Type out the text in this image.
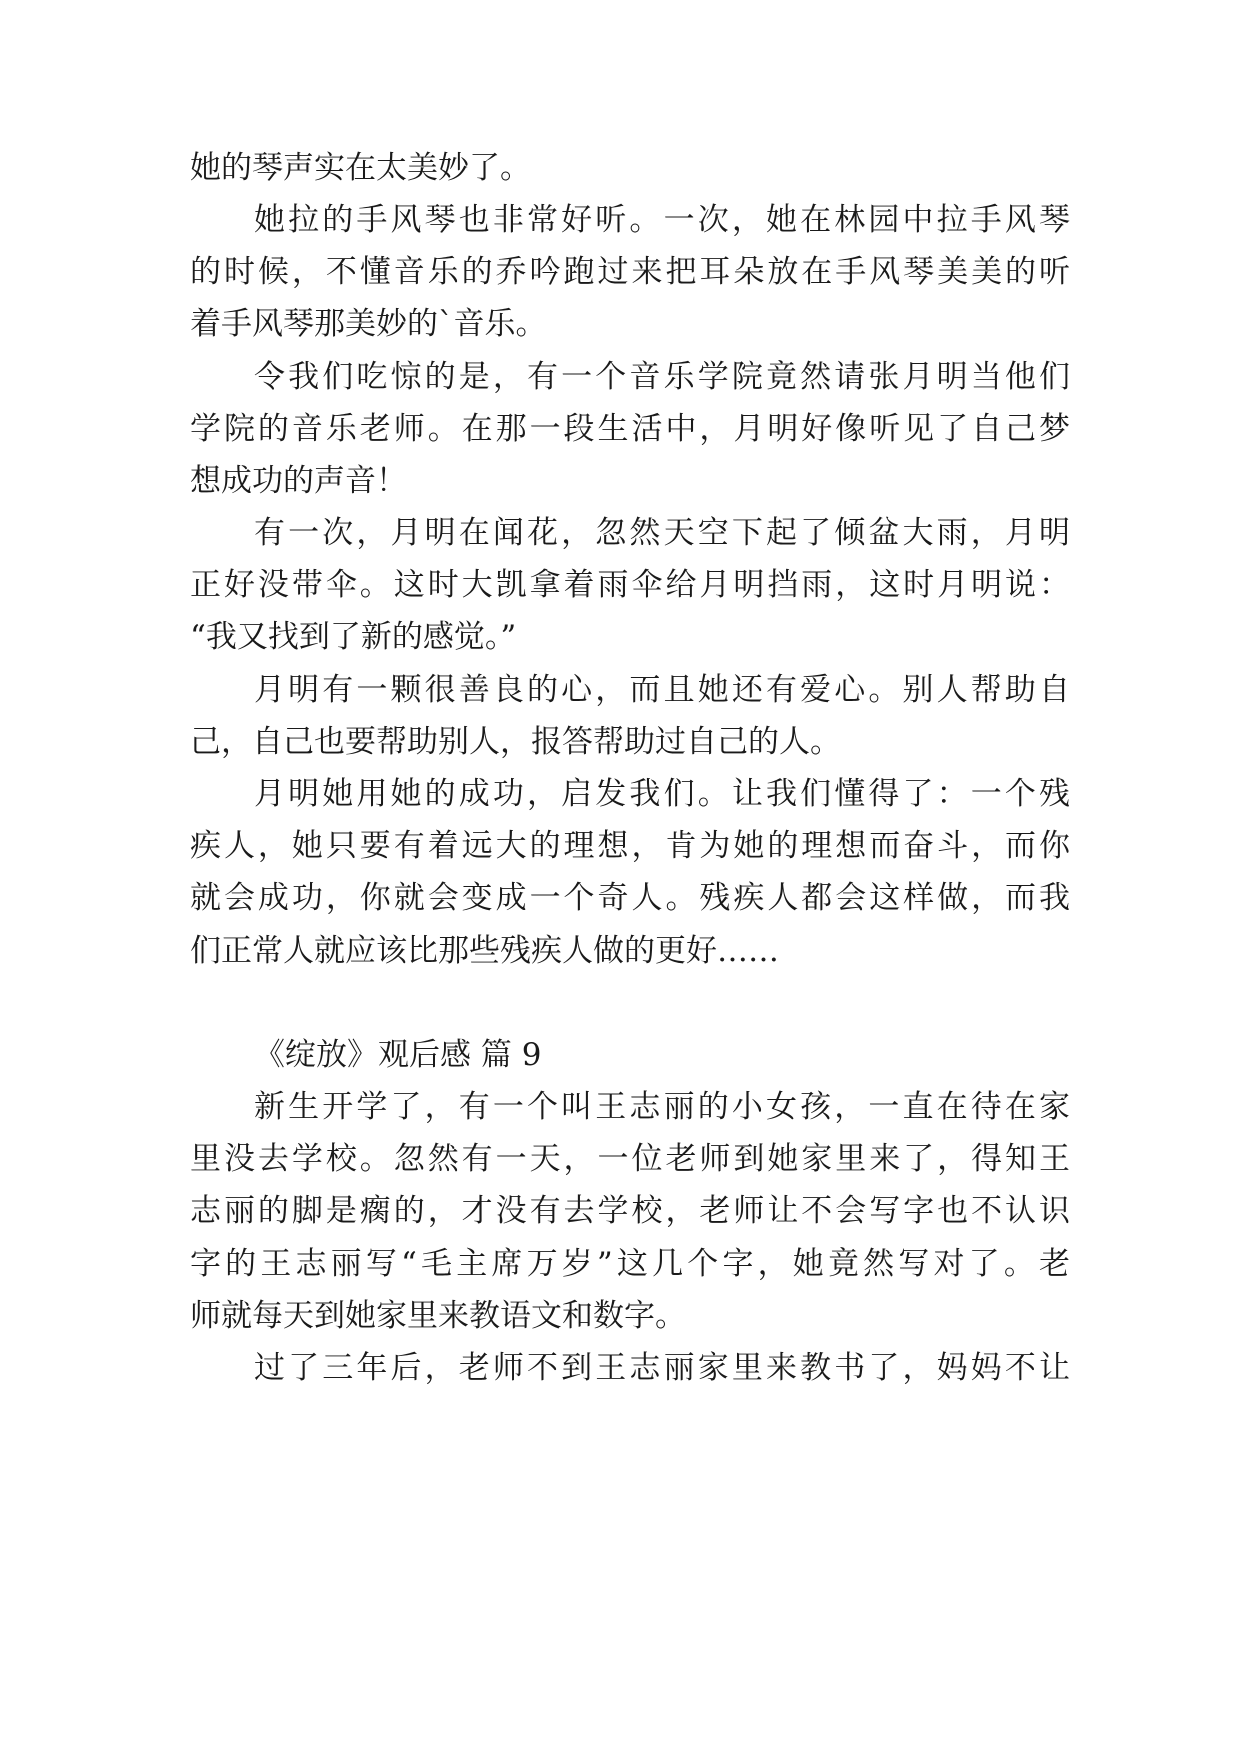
她的琴声实在太美妙了。
她拉的手风琴也非常好听。一次，她在林园中拉手风琴
的时候，不懂音乐的乔吟跑过来把耳朵放在手风琴美美的听
着手风琴那美妙的`音乐。
令我们吃惊的是，有一个音乐学院竟然请张月明当他们
学院的音乐老师。在那一段生活中，月明好像听见了自己梦
想成功的声音！
有一次，月明在闻花，忽然天空下起了倾盆大雨，月明
正好没带伞。这时大凯拿着雨伞给月明挡雨，这时月明说：
“我又找到了新的感觉。”
月明有一颗很善良的心，而且她还有爱心。别人帮助自
己，自己也要帮助别人，报答帮助过自己的人。
月明她用她的成功，启发我们。让我们懂得了：一个残
疾人，她只要有着远大的理想，肯为她的理想而奋斗，而你
就会成功，你就会变成一个奇人。残疾人都会这样做，而我
们正常人就应该比那些残疾人做的更好……
《绽放》观后感 篇 9
新生开学了，有一个叫王志丽的小女孩，一直在待在家
里没去学校。忽然有一天，一位老师到她家里来了，得知王
志丽的脚是瘸的，才没有去学校，老师让不会写字也不认识
字的王志丽写“毛主席万岁”这几个字，她竟然写对了。老
师就每天到她家里来教语文和数字。
过了三年后，老师不到王志丽家里来教书了，妈妈不让
